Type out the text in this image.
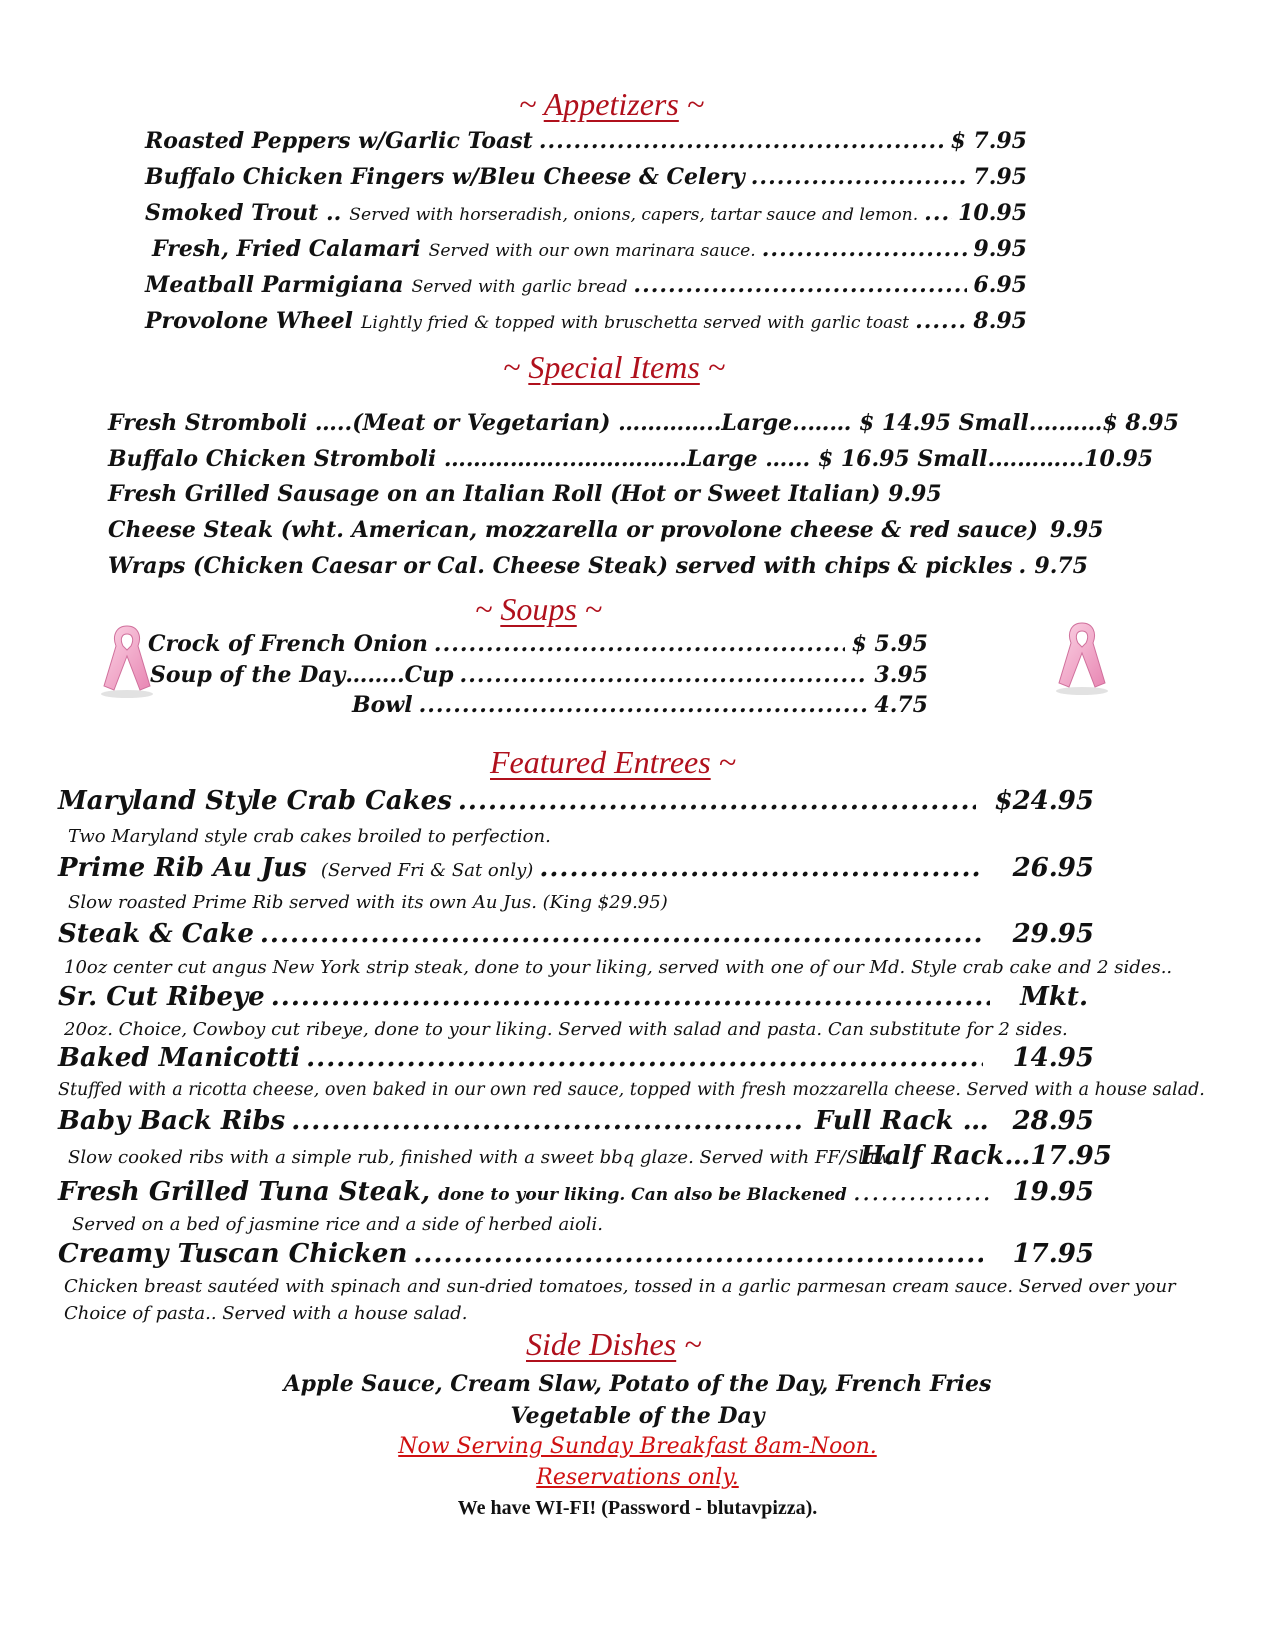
~ Appetizers ~
Roasted Peppers w/Garlic Toast .....	$ 7.95
Buffalo Chicken Fingers w/Bleu Cheese & Celery .....	7.95
Smoked Trout .. Served with horseradish, onions, capers, tartar sauce and lemon. ..... 10.95
Fresh, Fried Calamari Served with our own marinara sauce. .....	9.95
Meatball Parmigiana Served with garlic bread .....	6.95
Provolone Wheel Lightly fried & topped with bruschetta served with garlic toast .....	8.95
~ Special Items ~
Fresh Stromboli …..(Meat or Vegetarian) …………..Large..…… $ 14.95 Small.………$ 8.95
Buffalo Chicken Stromboli ……………...……………Large …... $ 16.95 Small.………...10.95
Fresh Grilled Sausage on an Italian Roll (Hot or Sweet Italian) 9.95
Cheese Steak (wht. American, mozzarella or provolone cheese & red sauce) 9.95
Wraps (Chicken Caesar or Cal. Cheese Steak) served with chips & pickles ..... 9.75
~ Soups ~
Crock of French Onion .....	$ 5.95
Soup of the Day……..Cup .....	3.95
Bowl .....	4.75
Featured Entrees ~
Maryland Style Crab Cakes .....	$24.95
Two Maryland style crab cakes broiled to perfection.
Prime Rib Au Jus (Served Fri & Sat only) .....	26.95
Slow roasted Prime Rib served with its own Au Jus. (King $29.95)
Steak & Cake .....	29.95
10oz center cut angus New York strip steak, done to your liking, served with one of our Md. Style crab cake and 2 sides..
Sr. Cut Ribeye .....	Mkt.
20oz. Choice, Cowboy cut ribeye, done to your liking. Served with salad and pasta. Can substitute for 2 sides.
Baked Manicotti .....	14.95
Stuffed with a ricotta cheese, oven baked in our own red sauce, topped with fresh mozzarella cheese. Served with a house salad.
Baby Back Ribs .....	Full Rack … 28.95
Slow cooked ribs with a simple rub, finished with a sweet bbq glaze. Served with FF/Slaw.
Half Rack… 17.95
Fresh Grilled Tuna Steak, done to your liking. Can also be Blackened .....	19.95
Served on a bed of jasmine rice and a side of herbed aioli.
Creamy Tuscan Chicken .....	17.95
Chicken breast sautéed with spinach and sun-dried tomatoes, tossed in a garlic parmesan cream sauce. Served over your
Choice of pasta.. Served with a house salad.
Side Dishes ~
Apple Sauce, Cream Slaw, Potato of the Day, French Fries
Vegetable of the Day
Now Serving Sunday Breakfast 8am-Noon.
Reservations only.
We have WI-FI! (Password - blutavpizza).
